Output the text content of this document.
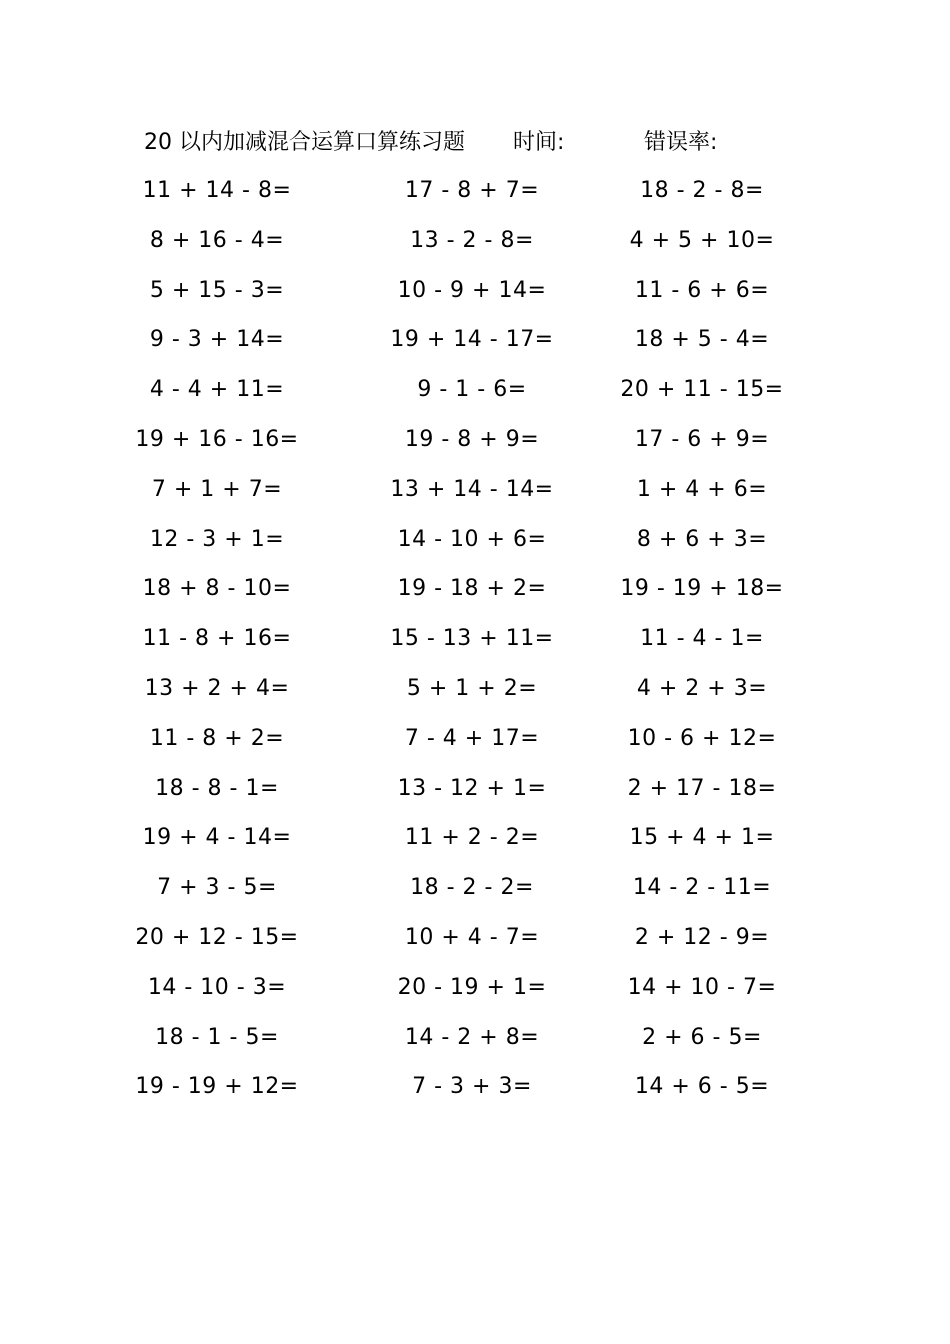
20 以内加减混合运算口算练习题 时间:	错误率:
11 + 14 - 8=	17 - 8 + 7=	18 - 2 - 8=
8 + 16 - 4=	13 - 2 - 8=	4 + 5 + 10=
5 + 15 - 3=	10 - 9 + 14=	11 - 6 + 6=
9 - 3 + 14=	19 + 14 - 17=	18 + 5 - 4=
4 - 4 + 11=	9 - 1 - 6=	20 + 11 - 15=
19 + 16 - 16=	19 - 8 + 9=	17 - 6 + 9=
7 + 1 + 7=	13 + 14 - 14=	1 + 4 + 6=
12 - 3 + 1=	14 - 10 + 6=	8 + 6 + 3=
18 + 8 - 10=	19 - 18 + 2=	19 - 19 + 18=
11 - 8 + 16=	15 - 13 + 11=	11 - 4 - 1=
13 + 2 + 4=	5 + 1 + 2=	4 + 2 + 3=
11 - 8 + 2=	7 - 4 + 17=	10 - 6 + 12=
18 - 8 - 1=	13 - 12 + 1=	2 + 17 - 18=
19 + 4 - 14=	11 + 2 - 2=	15 + 4 + 1=
7 + 3 - 5=	18 - 2 - 2=	14 - 2 - 11=
20 + 12 - 15=	10 + 4 - 7=	2 + 12 - 9=
14 - 10 - 3=	20 - 19 + 1=	14 + 10 - 7=
18 - 1 - 5=	14 - 2 + 8=	2 + 6 - 5=
19 - 19 + 12=	7 - 3 + 3=	14 + 6 - 5=
